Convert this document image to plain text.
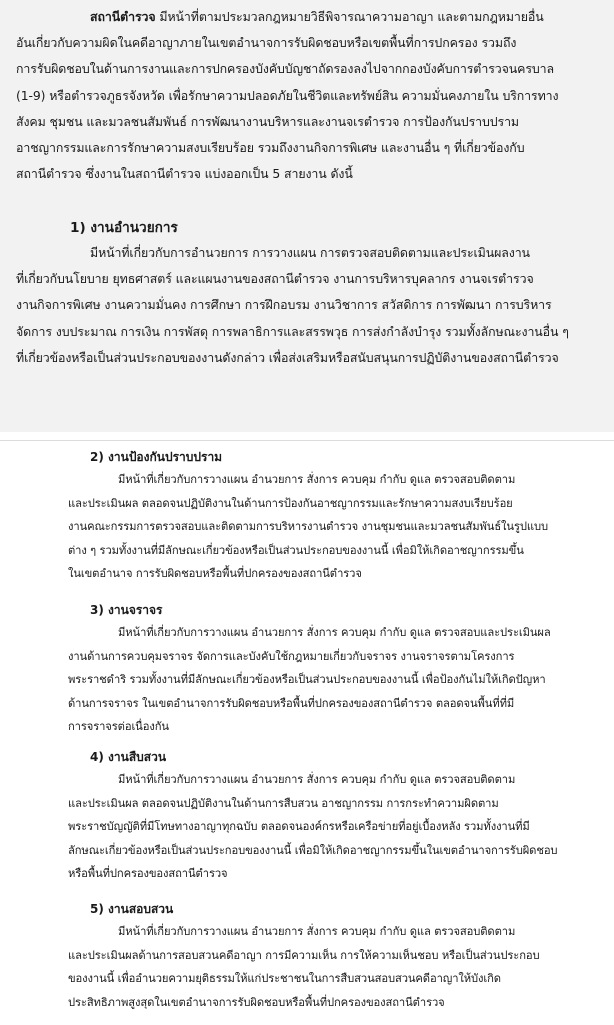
สถานีตำรวจ มีหน้าที่ตามประมวลกฎหมายวิธีพิจารณาความอาญา และตามกฎหมายอื่น
อันเกี่ยวกับความผิดในคดีอาญาภายในเขตอำนาจการรับผิดชอบหรือเขตพื้นที่การปกครอง รวมถึง
การรับผิดชอบในด้านการงานและการปกครองบังคับบัญชาถัดรองลงไปจากกองบังคับการตำรวจนครบาล
(1-9) หรือตำรวจภูธรจังหวัด เพื่อรักษาความปลอดภัยในชีวิตและทรัพย์สิน ความมั่นคงภายใน บริการทาง
สังคม ชุมชน และมวลชนสัมพันธ์ การพัฒนางานบริหารและงานจเรตำรวจ การป้องกันปราบปราม
อาชญากรรมและการรักษาความสงบเรียบร้อย รวมถึงงานกิจการพิเศษ และงานอื่น ๆ ที่เกี่ยวข้องกับ
สถานีตำรวจ ซึ่งงานในสถานีตำรวจ แบ่งออกเป็น 5 สายงาน ดังนี้
1) งานอำนวยการ
มีหน้าที่เกี่ยวกับการอำนวยการ การวางแผน การตรวจสอบติดตามและประเมินผลงาน
ที่เกี่ยวกับนโยบาย ยุทธศาสตร์ และแผนงานของสถานีตำรวจ งานการบริหารบุคลากร งานจเรตำรวจ
งานกิจการพิเศษ งานความมั่นคง การศึกษา การฝึกอบรม งานวิชาการ สวัสดิการ การพัฒนา การบริหาร
จัดการ งบประมาณ การเงิน การพัสดุ การพลาธิการและสรรพวุธ การส่งกำลังบำรุง รวมทั้งลักษณะงานอื่น ๆ
ที่เกี่ยวข้องหรือเป็นส่วนประกอบของงานดังกล่าว เพื่อส่งเสริมหรือสนับสนุนการปฏิบัติงานของสถานีตำรวจ
2) งานป้องกันปราบปราม
มีหน้าที่เกี่ยวกับการวางแผน อำนวยการ สั่งการ ควบคุม กำกับ ดูแล ตรวจสอบติดตาม
และประเมินผล ตลอดจนปฏิบัติงานในด้านการป้องกันอาชญากรรมและรักษาความสงบเรียบร้อย
งานคณะกรรมการตรวจสอบและติดตามการบริหารงานตำรวจ งานชุมชนและมวลชนสัมพันธ์ในรูปแบบ
ต่าง ๆ รวมทั้งงานที่มีลักษณะเกี่ยวข้องหรือเป็นส่วนประกอบของงานนี้ เพื่อมิให้เกิดอาชญากรรมขึ้น
ในเขตอำนาจ การรับผิดชอบหรือพื้นที่ปกครองของสถานีตำรวจ
3) งานจราจร
มีหน้าที่เกี่ยวกับการวางแผน อำนวยการ สั่งการ ควบคุม กำกับ ดูแล ตรวจสอบและประเมินผล
งานด้านการควบคุมจราจร จัดการและบังคับใช้กฎหมายเกี่ยวกับจราจร งานจราจรตามโครงการ
พระราชดำริ รวมทั้งงานที่มีลักษณะเกี่ยวข้องหรือเป็นส่วนประกอบของงานนี้ เพื่อป้องกันไม่ให้เกิดปัญหา
ด้านการจราจร ในเขตอำนาจการรับผิดชอบหรือพื้นที่ปกครองของสถานีตำรวจ ตลอดจนพื้นที่ที่มี
การจราจรต่อเนื่องกัน
4) งานสืบสวน
มีหน้าที่เกี่ยวกับการวางแผน อำนวยการ สั่งการ ควบคุม กำกับ ดูแล ตรวจสอบติดตาม
และประเมินผล ตลอดจนปฏิบัติงานในด้านการสืบสวน อาชญากรรม การกระทำความผิดตาม
พระราชบัญญัติที่มีโทษทางอาญาทุกฉบับ ตลอดจนองค์กรหรือเครือข่ายที่อยู่เบื้องหลัง รวมทั้งงานที่มี
ลักษณะเกี่ยวข้องหรือเป็นส่วนประกอบของงานนี้ เพื่อมิให้เกิดอาชญากรรมขึ้นในเขตอำนาจการรับผิดชอบ
หรือพื้นที่ปกครองของสถานีตำรวจ
5) งานสอบสวน
มีหน้าที่เกี่ยวกับการวางแผน อำนวยการ สั่งการ ควบคุม กำกับ ดูแล ตรวจสอบติดตาม
และประเมินผลด้านการสอบสวนคดีอาญา การมีความเห็น การให้ความเห็นชอบ หรือเป็นส่วนประกอบ
ของงานนี้ เพื่ออำนวยความยุติธรรมให้แก่ประชาชนในการสืบสวนสอบสวนคดีอาญาให้บังเกิด
ประสิทธิภาพสูงสุดในเขตอำนาจการรับผิดชอบหรือพื้นที่ปกครองของสถานีตำรวจ
